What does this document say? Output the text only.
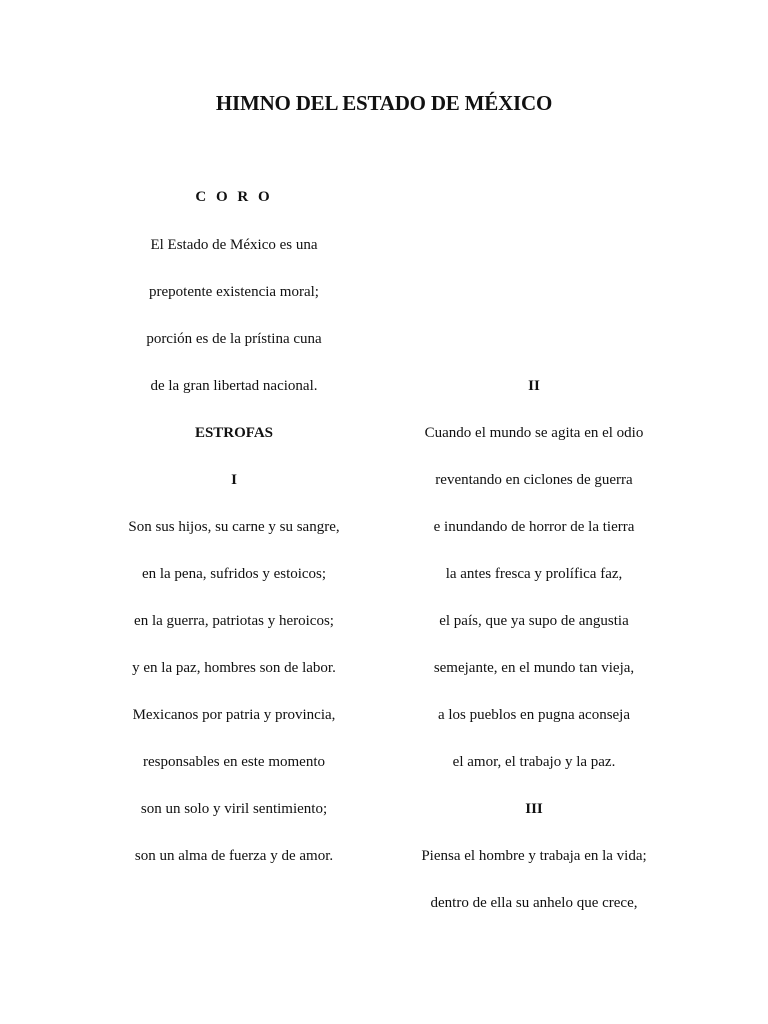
HIMNO DEL ESTADO DE MÉXICO
C O R O
El Estado de México es una
prepotente existencia moral;
porción es de la prístina cuna
de la gran libertad nacional.
ESTROFAS
I
Son sus hijos, su carne y su sangre,
en la pena, sufridos y estoicos;
en la guerra, patriotas y heroicos;
y en la paz, hombres son de labor.
Mexicanos por patria y provincia,
responsables en este momento
son un solo y viril sentimiento;
son un alma de fuerza y de amor.
II
Cuando el mundo se agita en el odio
reventando en ciclones de guerra
e inundando de horror de la tierra
la antes fresca y prolífica faz,
el país, que ya supo de angustia
semejante, en el mundo tan vieja,
a los pueblos en pugna aconseja
el amor, el trabajo y la paz.
III
Piensa el hombre y trabaja en la vida;
dentro de ella su anhelo que crece,
